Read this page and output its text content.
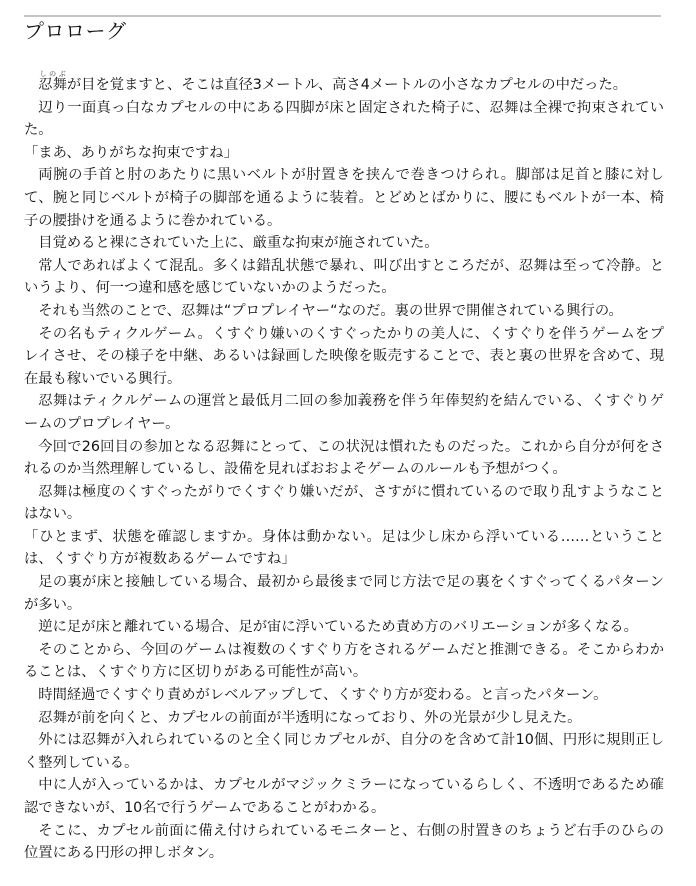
プロローグ

忍舞しのぶが目を覚ますと、そこは直径3メートル、高さ4メートルの小さなカプセルの中だった。

辺り一面真っ白なカプセルの中にある四脚が床と固定された椅子に、忍舞は全裸で拘束されていた。

「まあ、ありがちな拘束ですね」

両腕の手首と肘のあたりに黒いベルトが肘置きを挟んで巻きつけられ。脚部は足首と膝に対して、腕と同じベルトが椅子の脚部を通るように装着。とどめとばかりに、腰にもベルトが一本、椅子の腰掛けを通るように巻かれている。

目覚めると裸にされていた上に、厳重な拘束が施されていた。

常人であればよくて混乱。多くは錯乱状態で暴れ、叫び出すところだが、忍舞は至って冷静。というより、何一つ違和感を感じていないかのようだった。

それも当然のことで、忍舞は“プロプレイヤー“なのだ。裏の世界で開催されている興行の。

その名もティクルゲーム。くすぐり嫌いのくすぐったかりの美人に、くすぐりを伴うゲームをプレイさせ、その様子を中継、あるいは録画した映像を販売することで、表と裏の世界を含めて、現在最も稼いでいる興行。

忍舞はティクルゲームの運営と最低月二回の参加義務を伴う年俸契約を結んでいる、くすぐりゲームのプロプレイヤー。

今回で26回目の参加となる忍舞にとって、この状況は慣れたものだった。これから自分が何をされるのか当然理解しているし、設備を見ればおおよそゲームのルールも予想がつく。

忍舞は極度のくすぐったがりでくすぐり嫌いだが、さすがに慣れているので取り乱すようなことはない。

「ひとまず、状態を確認しますか。身体は動かない。足は少し床から浮いている……ということは、くすぐり方が複数あるゲームですね」

足の裏が床と接触している場合、最初から最後まで同じ方法で足の裏をくすぐってくるパターンが多い。

逆に足が床と離れている場合、足が宙に浮いているため責め方のバリエーションが多くなる。

そのことから、今回のゲームは複数のくすぐり方をされるゲームだと推測できる。そこからわかることは、くすぐり方に区切りがある可能性が高い。

時間経過でくすぐり責めがレベルアップして、くすぐり方が変わる。と言ったパターン。

忍舞が前を向くと、カプセルの前面が半透明になっており、外の光景が少し見えた。

外には忍舞が入れられているのと全く同じカプセルが、自分のを含めて計10個、円形に規則正しく整列している。

中に人が入っているかは、カプセルがマジックミラーになっているらしく、不透明であるため確認できないが、10名で行うゲームであることがわかる。

そこに、カプセル前面に備え付けられているモニターと、右側の肘置きのちょうど右手のひらの位置にある円形の押しボタン。
